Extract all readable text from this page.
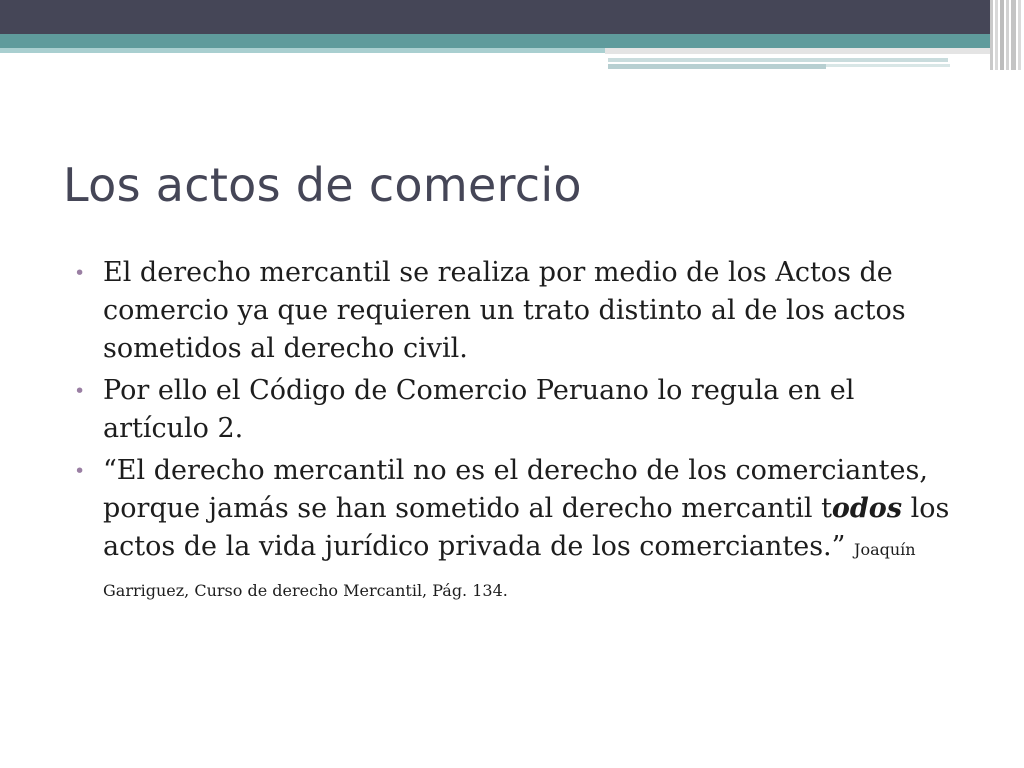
Los actos de comercio
• El derecho mercantil se realiza por medio de los Actos de comercio ya que requieren un trato distinto al de los actos sometidos al derecho civil.
• Por ello el Código de Comercio Peruano lo regula en el artículo 2.
• “El derecho mercantil no es el derecho de los comerciantes, porque jamás se han sometido al derecho mercantil todos los actos de la vida jurídico privada de los comerciantes.” Joaquín Garriguez, Curso de derecho Mercantil, Pág. 134.
